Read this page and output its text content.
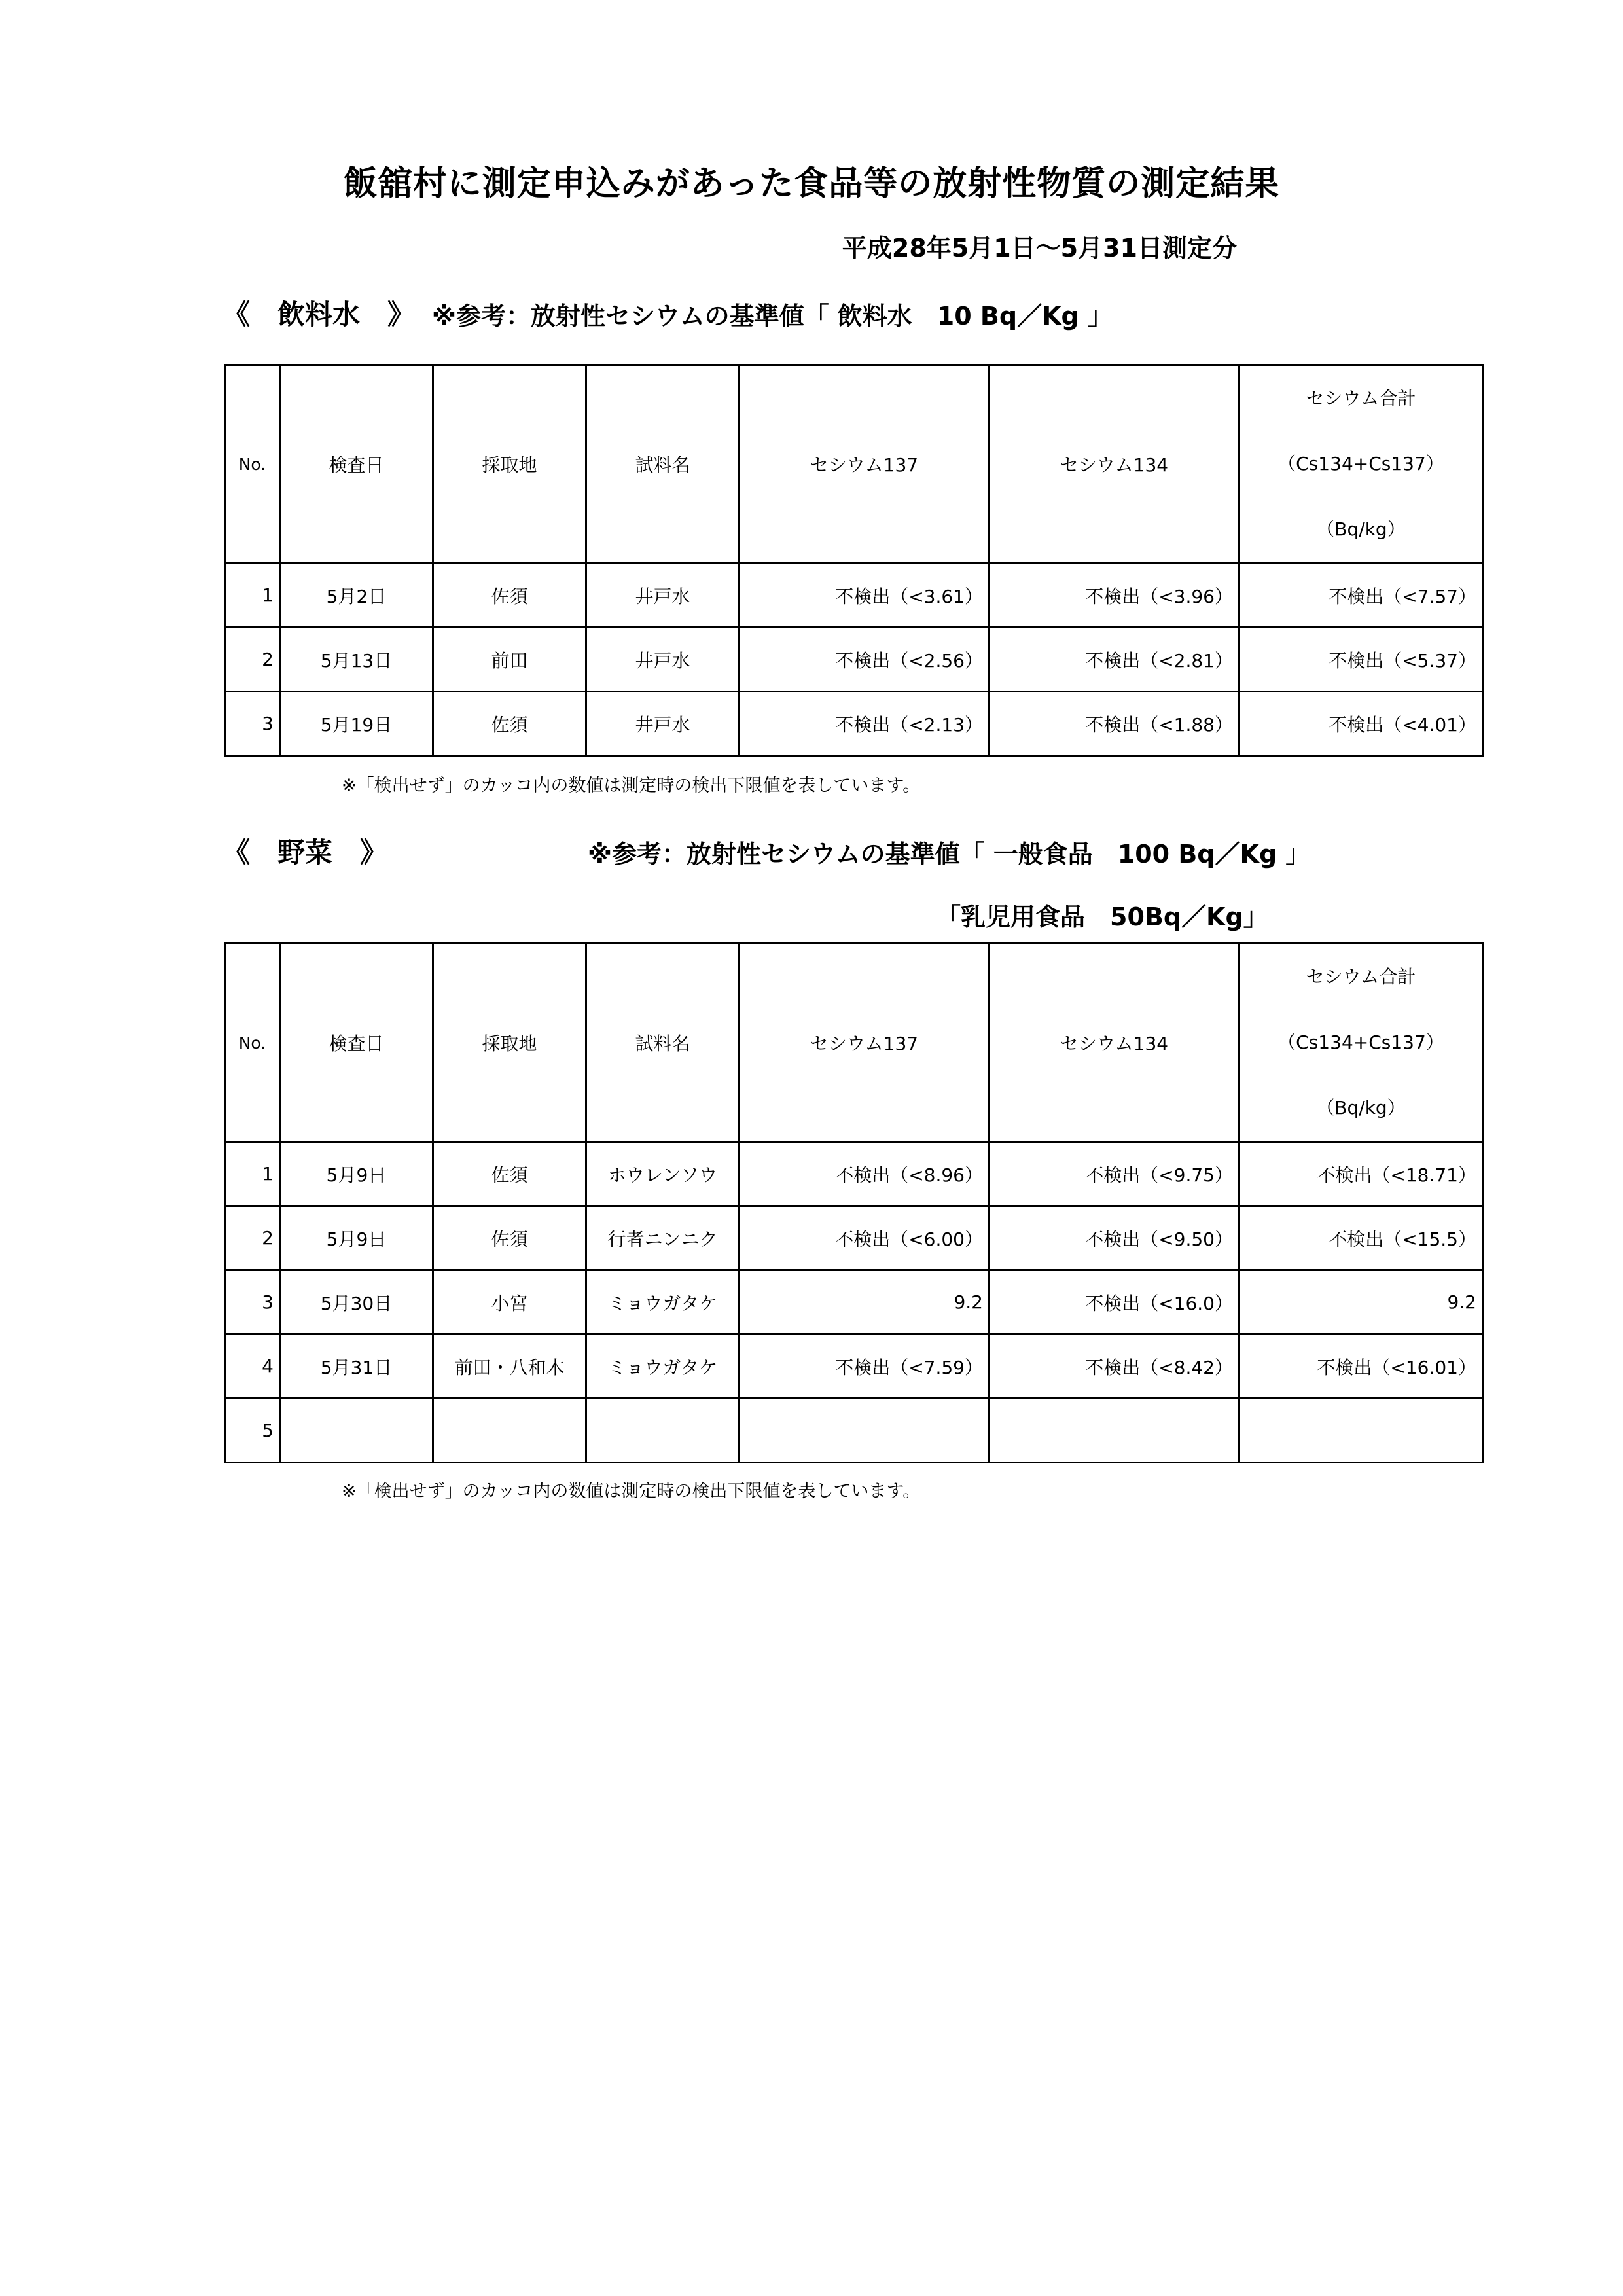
飯舘村に測定申込みがあった食品等の放射性物質の測定結果
平成28年5月1日～5月31日測定分
《　飲料水　》 ※参考：放射性セシウムの基準値「 飲料水　10 Bq／Kg 」
No.	検査日	採取地	試料名	セシウム137	セシウム134	セシウム合計
（Cs134+Cs137）
（Bq/kg）

1	5月2日	佐須	井戸水	不検出（<3.61）	不検出（<3.96）	不検出（<7.57）
2	5月13日	前田	井戸水	不検出（<2.56）	不検出（<2.81）	不検出（<5.37）
3	5月19日	佐須	井戸水	不検出（<2.13）	不検出（<1.88）	不検出（<4.01）
※「検出せず」のカッコ内の数値は測定時の検出下限値を表しています。
《　野菜　》	※参考：放射性セシウムの基準値「 一般食品　100 Bq／Kg 」
「乳児用食品　50Bq／Kg」
No.	検査日	採取地	試料名	セシウム137	セシウム134	セシウム合計
（Cs134+Cs137）
（Bq/kg）

1	5月9日	佐須	ホウレンソウ	不検出（<8.96）	不検出（<9.75）	不検出（<18.71）
2	5月9日	佐須	行者ニンニク	不検出（<6.00）	不検出（<9.50）	不検出（<15.5）
3	5月30日	小宮	ミョウガタケ	9.2	不検出（<16.0）	9.2
4	5月31日	前田・八和木	ミョウガタケ	不検出（<7.59）	不検出（<8.42）	不検出（<16.01）
5						
※「検出せず」のカッコ内の数値は測定時の検出下限値を表しています。
